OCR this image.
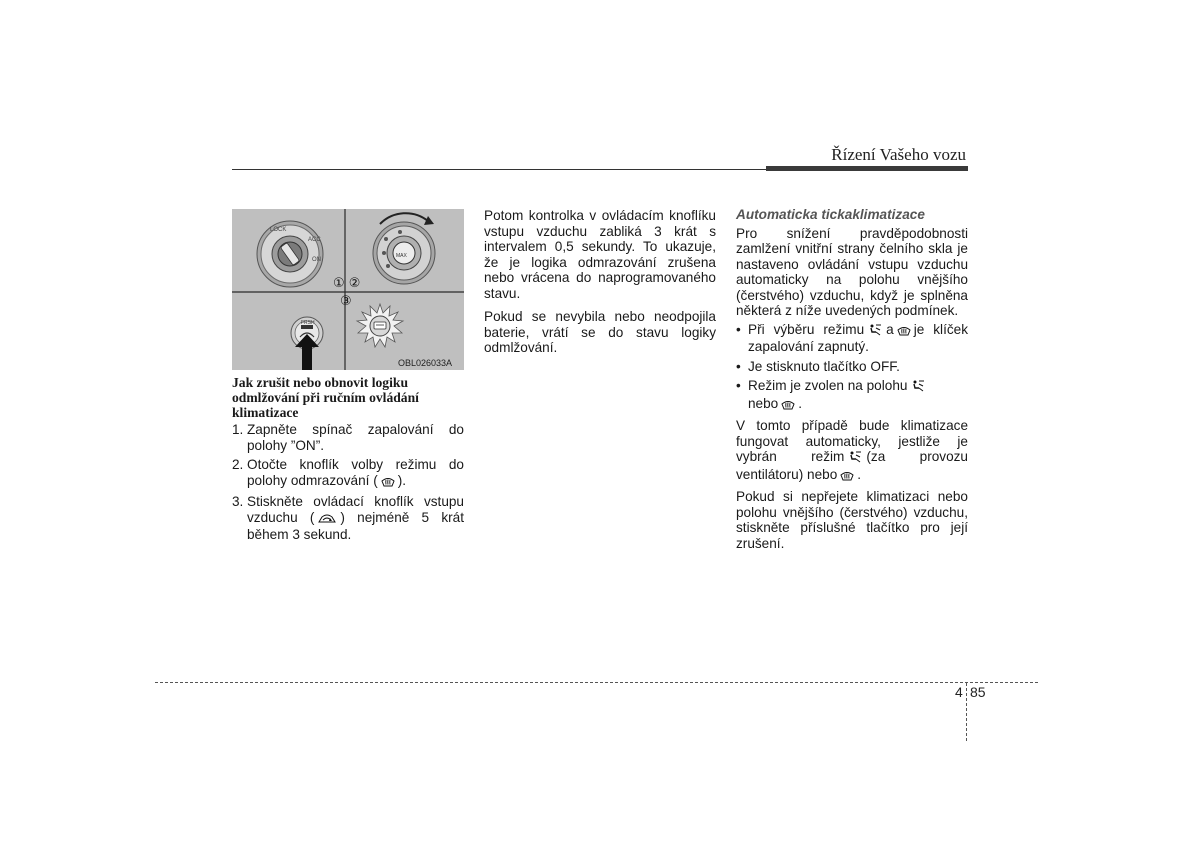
Řízení Vašeho vozu
LOCK
ACC
ON
MAX
① ②
③
FRSH
OBL026033A
Jak zrušit nebo obnovit logiku odmlžování při ručním ovládání klimatizace
1. Zapněte spínač zapalování do polohy ”ON”.
2. Otočte knoflík volby režimu do polohy odmrazování ( ).
3. Stiskněte ovládací knoflík vstupu vzduchu ( ) nejméně 5 krát během 3 sekund.

Potom kontrolka v ovládacím knoflíku vstupu vzduchu zabliká 3 krát s intervalem 0,5 sekundy. To ukazuje, že je logika odmrazování zrušena nebo vrácena do naprogramovaného stavu.

Pokud se nevybila nebo neodpojila baterie, vrátí se do stavu logiky odmlžování.

Automaticka tickaklimatizace

Pro snížení pravděpodobnosti zamlžení vnitřní strany čelního skla je nastaveno ovládání vstupu vzduchu automaticky na polohu vnějšího (čerstvého) vzduchu, když je splněna některá z níže uvedených podmínek.

• Při výběru režimu a je klíček zapalování zapnutý.
• Je stisknuto tlačítko OFF.
• Režim je zvolen na polohu
nebo .

V tomto případě bude klimatizace fungovat automaticky, jestliže je vybrán režim (za provozu ventilátoru) nebo .

Pokud si nepřejete klimatizaci nebo polohu vnějšího (čerstvého) vzduchu, stiskněte příslušné tlačítko pro její zrušení.

4 85
